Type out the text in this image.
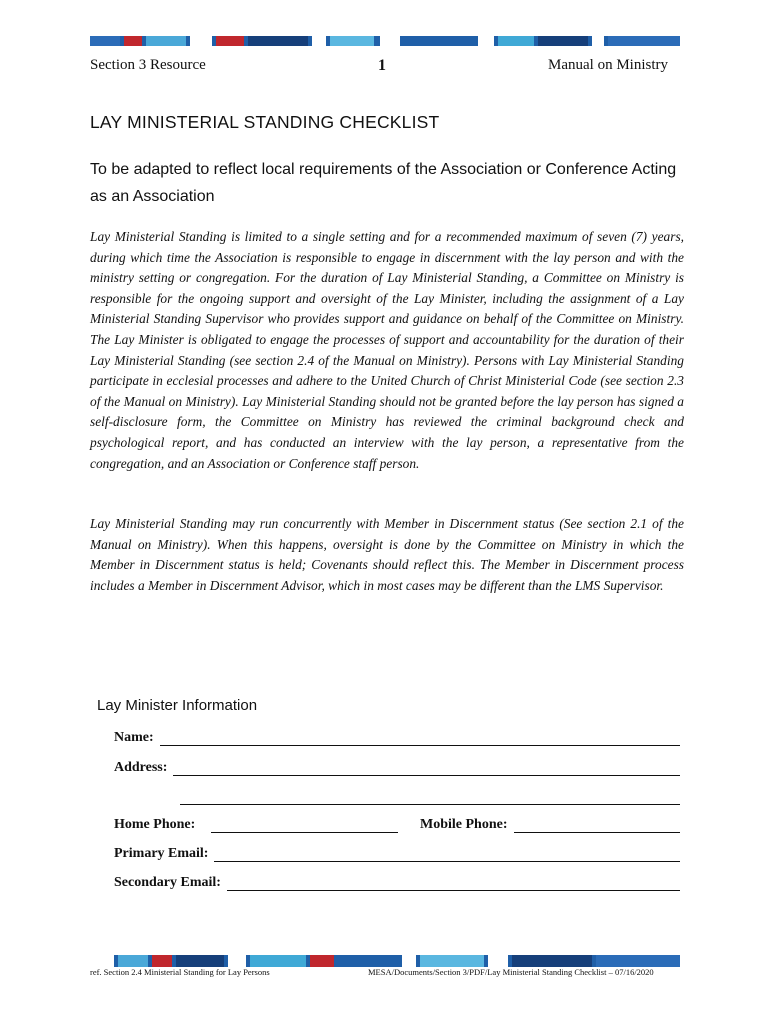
Section 3 Resource	1	Manual on Ministry
LAY MINISTERIAL STANDING CHECKLIST
To be adapted to reflect local requirements of the Association or Conference Acting as an Association

Lay Ministerial Standing is limited to a single setting and for a recommended maximum of seven (7) years, during which time the Association is responsible to engage in discernment with the lay person and with the ministry setting or congregation. For the duration of Lay Ministerial Standing, a Committee on Ministry is responsible for the ongoing support and oversight of the Lay Minister, including the assignment of a Lay Ministerial Standing Supervisor who provides support and guidance on behalf of the Committee on Ministry. The Lay Minister is obligated to engage the processes of support and accountability for the duration of their Lay Ministerial Standing (see section 2.4 of the Manual on Ministry). Persons with Lay Ministerial Standing participate in ecclesial processes and adhere to the United Church of Christ Ministerial Code (see section 2.3 of the Manual on Ministry). Lay Ministerial Standing should not be granted before the lay person has signed a self-disclosure form, the Committee on Ministry has reviewed the criminal background check and psychological report, and has conducted an interview with the lay person, a representative from the congregation, and an Association or Conference staff person.

Lay Ministerial Standing may run concurrently with Member in Discernment status (See section 2.1 of the Manual on Ministry). When this happens, oversight is done by the Committee on Ministry in which the Member in Discernment status is held; Covenants should reflect this. The Member in Discernment process includes a Member in Discernment Advisor, which in most cases may be different than the LMS Supervisor.

Lay Minister Information
Name:
Address:
Home Phone:	Mobile Phone:
Primary Email:
Secondary Email:
ref. Section 2.4 Ministerial Standing for Lay Persons	MESA/Documents/Section 3/PDF/Lay Ministerial Standing Checklist – 07/16/2020
